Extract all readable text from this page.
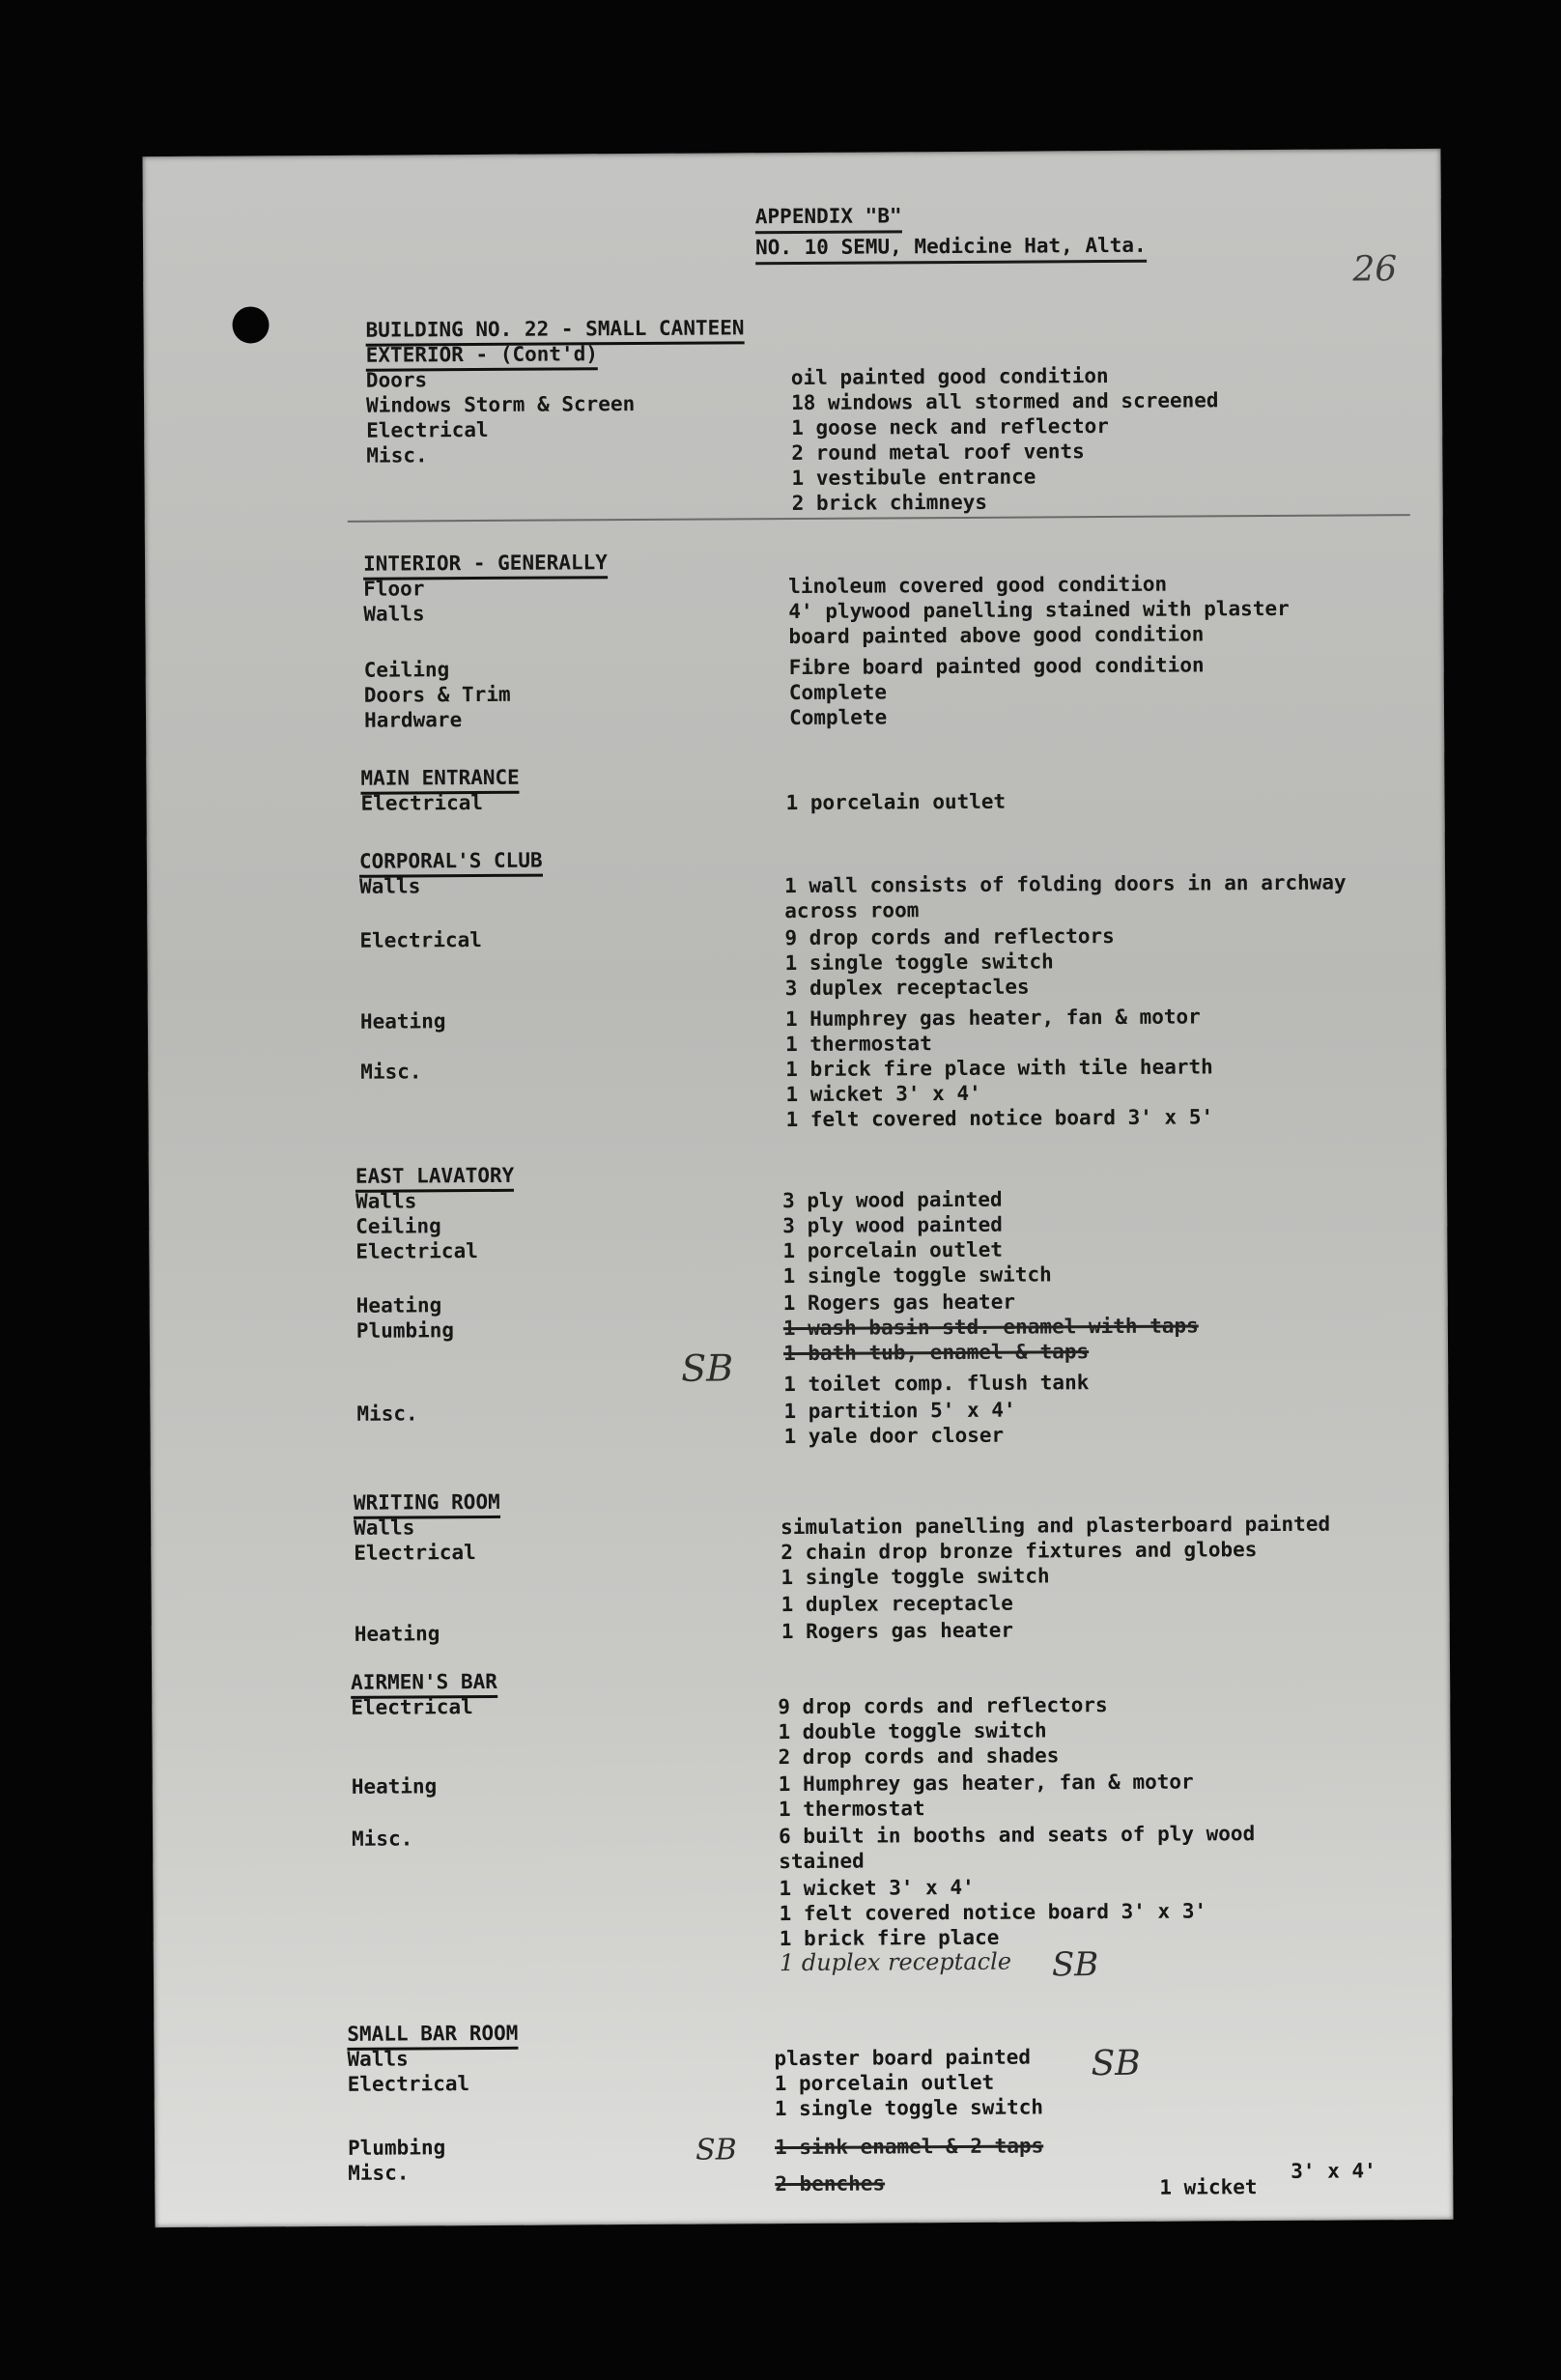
APPENDIX "B"
NO. 10 SEMU, Medicine Hat, Alta.
26
BUILDING NO. 22 - SMALL CANTEEN
EXTERIOR - (Cont'd)
Doors
Windows Storm & Screen
Electrical
Misc.
INTERIOR - GENERALLY
Floor
Walls
Ceiling
Doors & Trim
Hardware
MAIN ENTRANCE
Electrical
CORPORAL'S CLUB
Walls
Electrical
Heating
Misc.
EAST LAVATORY
Walls
Ceiling
Electrical
Heating
Plumbing
Misc.
WRITING ROOM
Walls
Electrical
Heating
AIRMEN'S BAR
Electrical
Heating
Misc.
SMALL BAR ROOM
Walls
Electrical
Plumbing
Misc.
oil painted good condition
18 windows all stormed and screened
1 goose neck and reflector
2 round metal roof vents
1 vestibule entrance
2 brick chimneys
linoleum covered good condition
4' plywood panelling stained with plaster
board painted above good condition
Fibre board painted good condition
Complete
Complete
1 porcelain outlet
1 wall consists of folding doors in an archway
across room
9 drop cords and reflectors
1 single toggle switch
3 duplex receptacles
1 Humphrey gas heater, fan & motor
1 thermostat
1 brick fire place with tile hearth
1 wicket 3' x 4'
1 felt covered notice board 3' x 5'
3 ply wood painted
3 ply wood painted
1 porcelain outlet
1 single toggle switch
1 Rogers gas heater
1 wash basin std. enamel with taps
1 bath tub, enamel & taps
1 toilet comp. flush tank
1 partition 5' x 4'
1 yale door closer
simulation panelling and plasterboard painted
2 chain drop bronze fixtures and globes
1 single toggle switch
1 duplex receptacle
1 Rogers gas heater
9 drop cords and reflectors
1 double toggle switch
2 drop cords and shades
1 Humphrey gas heater, fan & motor
1 thermostat
6 built in booths and seats of ply wood
stained
1 wicket 3' x 4'
1 felt covered notice board 3' x 3'
1 brick fire place
plaster board painted
1 porcelain outlet
1 single toggle switch
1 sink enamel & 2 taps
2 benches	1 wicket
3' x 4'
1 duplex receptacle
SB
SB
SB
SB
